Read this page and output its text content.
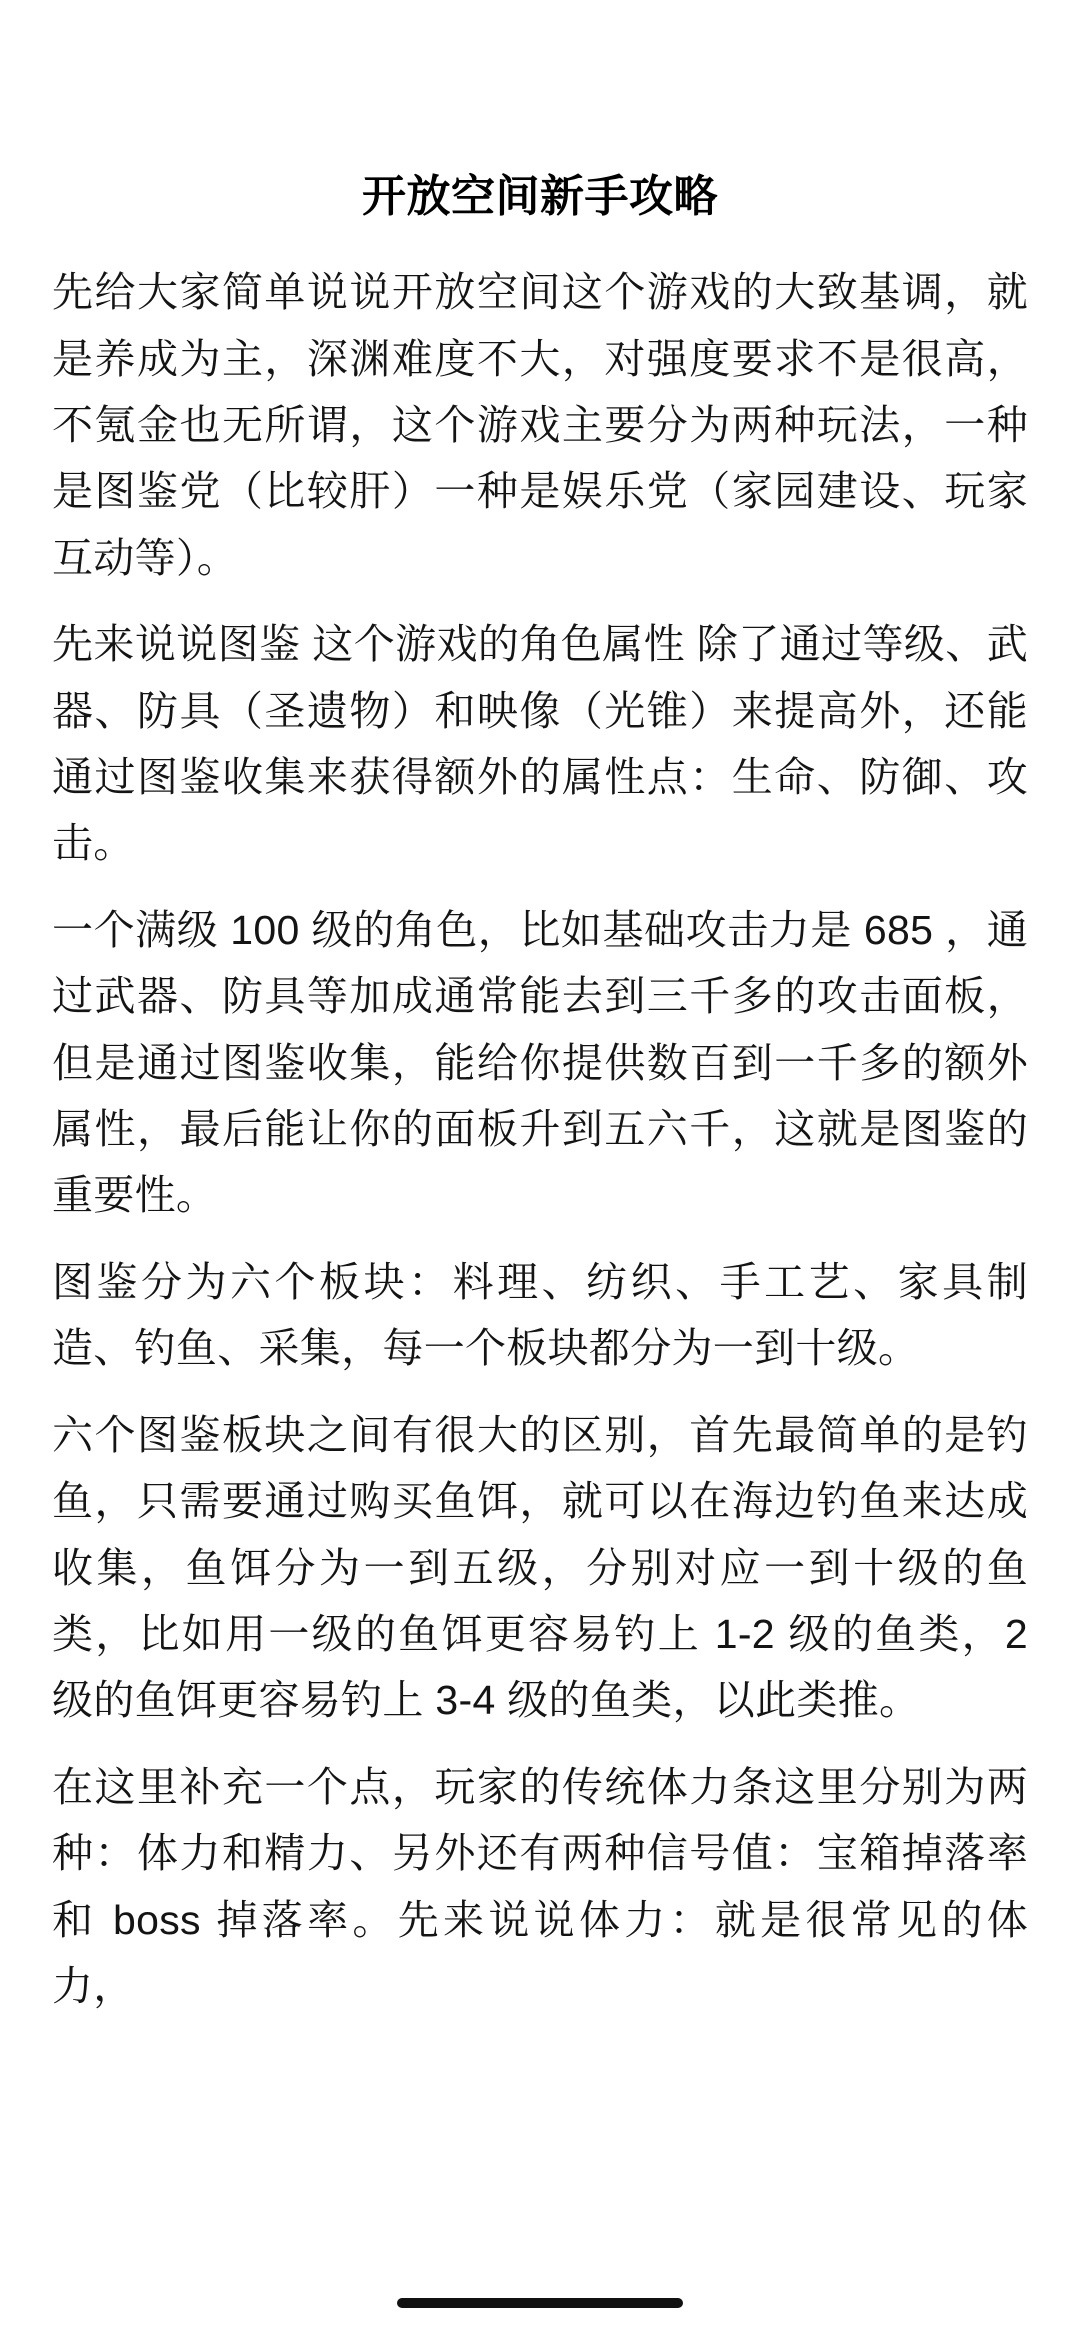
开放空间新手攻略

先给大家简单说说开放空间这个游戏的大致基调，就是养成为主，深渊难度不大，对强度要求不是很高，不氪金也无所谓，这个游戏主要分为两种玩法，一种是图鉴党（比较肝）一种是娱乐党（家园建设、玩家互动等）。

先来说说图鉴 这个游戏的角色属性 除了通过等级、武器、防具（圣遗物）和映像（光锥）来提高外，还能通过图鉴收集来获得额外的属性点：生命、防御、攻击。

一个满级 100 级的角色，比如基础攻击力是 685 ，通过武器、防具等加成通常能去到三千多的攻击面板，但是通过图鉴收集，能给你提供数百到一千多的额外属性，最后能让你的面板升到五六千，这就是图鉴的重要性。

图鉴分为六个板块：料理、纺织、手工艺、家具制造、钓鱼、采集，每一个板块都分为一到十级。

六个图鉴板块之间有很大的区别，首先最简单的是钓鱼，只需要通过购买鱼饵，就可以在海边钓鱼来达成收集，鱼饵分为一到五级，分别对应一到十级的鱼类，比如用一级的鱼饵更容易钓上 1-2 级的鱼类，2 级的鱼饵更容易钓上 3-4 级的鱼类，以此类推。

在这里补充一个点，玩家的传统体力条这里分别为两种：体力和精力、另外还有两种信号值：宝箱掉落率和 boss 掉落率。先来说说体力：就是很常见的体力，
